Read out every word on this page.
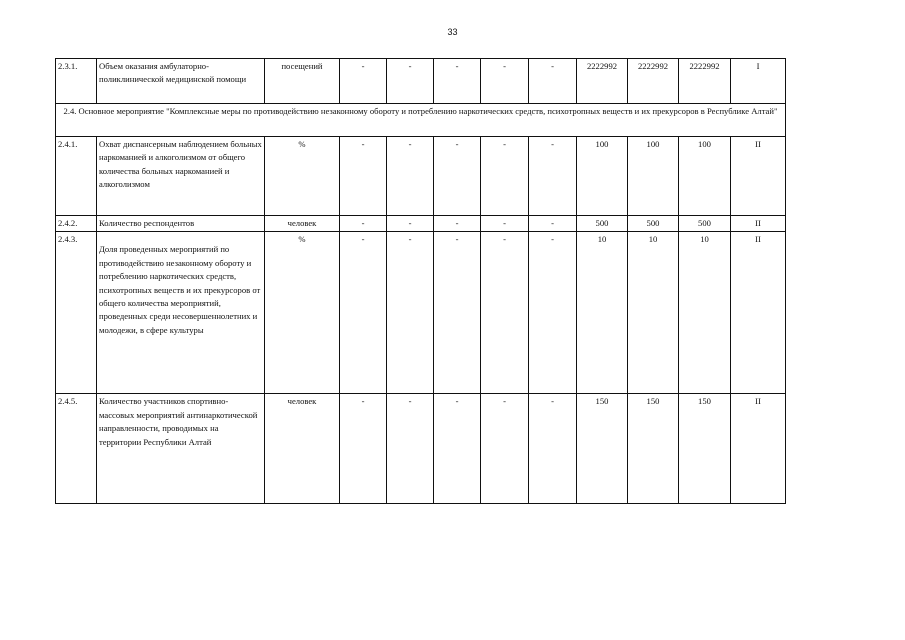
33
2.3.1.	Объем оказания амбулаторно-поликлинической медицинской помощи	посещений	-	-	-	-	-	2222992	2222992	2222992	I
2.4. Основное мероприятие "Комплексные меры по противодействию незаконному обороту и потреблению наркотических средств, психотропных веществ и их прекурсоров в Республике Алтай"											
2.4.1.	Охват диспансерным наблюдением больных наркоманией и алкоголизмом от общего количества больных наркоманией и алкоголизмом	%	-	-	-	-	-	100	100	100	II
2.4.2.	Количество респондентов	человек	-	-	-	-	-	500	500	500	II
2.4.3.	Доля проведенных мероприятий по противодействию незаконному обороту и потреблению наркотических средств, психотропных веществ и их прекурсоров от общего количества мероприятий, проведенных среди несовершеннолетних и молодежи, в сфере культуры	%	-	-	-	-	-	10	10	10	II
2.4.5.	Количество участников спортивно-массовых мероприятий антинаркотической направленности, проводимых на территории Республики Алтай	человек	-	-	-	-	-	150	150	150	II
